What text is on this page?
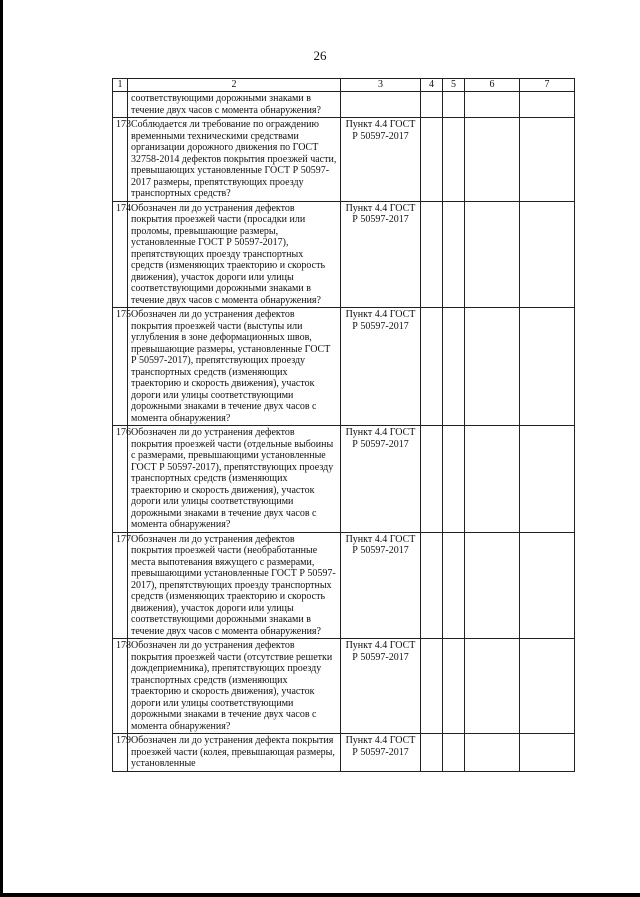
26
1	2	3	4	5	6	7
	соответствующими дорожными знаками в течение двух часов с момента обнаружения?					
173	Соблюдается ли требование по ограждению временными техническими средствами организации дорожного движения по ГОСТ 32758-2014 дефектов покрытия проезжей части, превышающих установленные ГОСТ Р 50597-2017 размеры, препятствующих проезду транспортных средств?	Пункт 4.4 ГОСТ Р 50597-2017				
174	Обозначен ли до устранения дефектов покрытия проезжей части (просадки или проломы, превышающие размеры, установленные ГОСТ Р 50597-2017), препятствующих проезду транспортных средств (изменяющих траекторию и скорость движения), участок дороги или улицы соответствующими дорожными знаками в течение двух часов с момента обнаружения?	Пункт 4.4 ГОСТ Р 50597-2017				
175	Обозначен ли до устранения дефектов покрытия проезжей части (выступы или углубления в зоне деформационных швов, превышающие размеры, установленные ГОСТ Р 50597-2017), препятствующих проезду транспортных средств (изменяющих траекторию и скорость движения), участок дороги или улицы соответствующими дорожными знаками в течение двух часов с момента обнаружения?	Пункт 4.4 ГОСТ Р 50597-2017				
176	Обозначен ли до устранения дефектов покрытия проезжей части (отдельные выбоины с размерами, превышающими установленные ГОСТ Р 50597-2017), препятствующих проезду транспортных средств (изменяющих траекторию и скорость движения), участок дороги или улицы соответствующими дорожными знаками в течение двух часов с момента обнаружения?	Пункт 4.4 ГОСТ Р 50597-2017				
177	Обозначен ли до устранения дефектов покрытия проезжей части (необработанные места выпотевания вяжущего с размерами, превышающими установленные ГОСТ Р 50597-2017), препятствующих проезду транспортных средств (изменяющих траекторию и скорость движения), участок дороги или улицы соответствующими дорожными знаками в течение двух часов с момента обнаружения?	Пункт 4.4 ГОСТ Р 50597-2017				
178	Обозначен ли до устранения дефектов покрытия проезжей части (отсутствие решетки дождеприемника), препятствующих проезду транспортных средств (изменяющих траекторию и скорость движения), участок дороги или улицы соответствующими дорожными знаками в течение двух часов с момента обнаружения?	Пункт 4.4 ГОСТ Р 50597-2017				
179	Обозначен ли до устранения дефекта покрытия проезжей части (колея, превышающая размеры, установленные	Пункт 4.4 ГОСТ Р 50597-2017				
